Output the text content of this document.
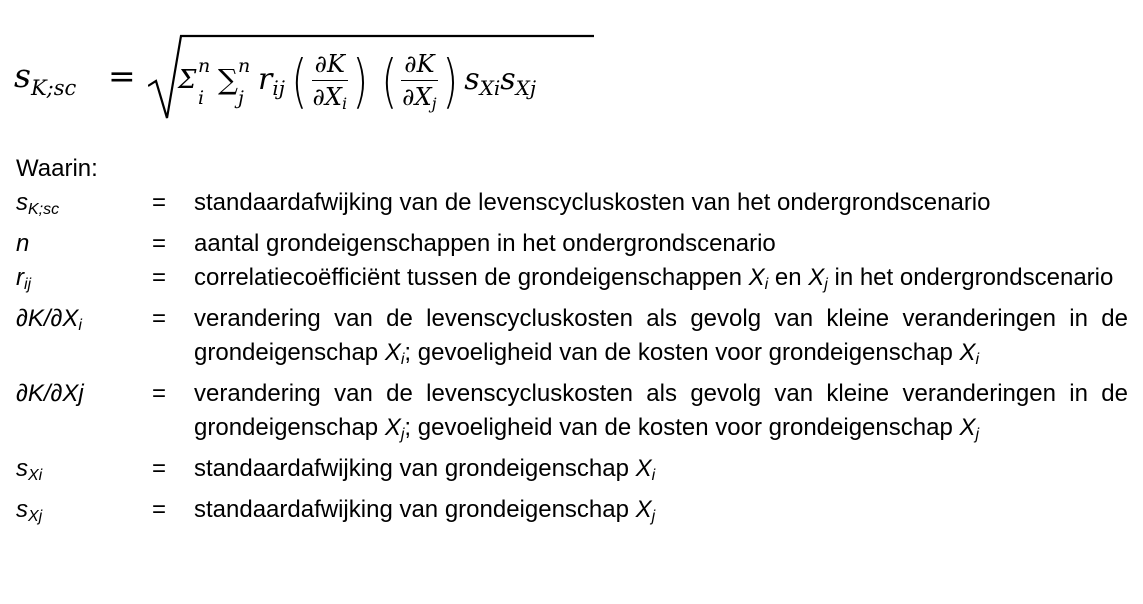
$s_{K;sc} = \Sigma$ n
i
∑ n
j
$r_{ij}$ ( $\frac{\partial K}{\partial X_i}$ ) ( $\frac{\partial K}{\partial X_j}$ ) $s_{Xi}$ $s_{Xj}$
Waarin:
$s_{K;sc}$	=	standaardafwijking van de levenscycluskosten van het ondergrondscenario
n	=	aantal grondeigenschappen in het ondergrondscenario
$r_{ij}$	=	correlatiecoëfficiënt tussen de grondeigenschappen $X_i$ en $X_j$ in het ondergrondscenario
$\partial K/\partial X_i$	=	verandering van de levenscycluskosten als gevolg van kleine veranderingen in de grondeigenschap $X_i$; gevoeligheid van de kosten voor grondeigenschap $X_i$
∂K/∂Xj	=	verandering van de levenscycluskosten als gevolg van kleine veranderingen in de grondeigenschap $X_j$; gevoeligheid van de kosten voor grondeigenschap $X_j$
$s_{Xi}$	=	standaardafwijking van grondeigenschap $X_i$
$s_{Xj}$	=	standaardafwijking van grondeigenschap $X_j$
